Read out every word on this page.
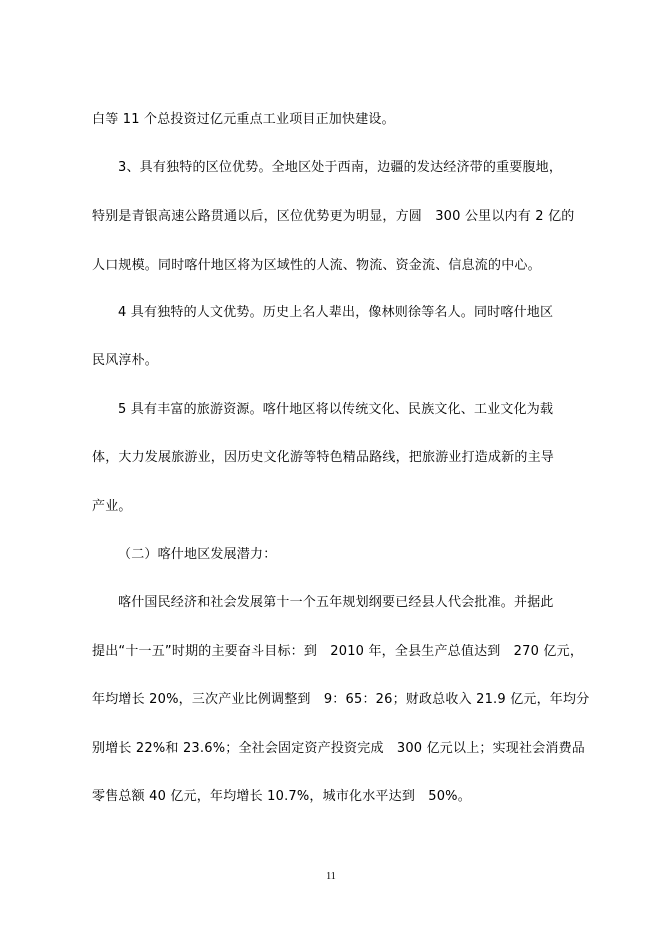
白等 11 个总投资过亿元重点工业项目正加快建设。
3、具有独特的区位优势。全地区处于西南，边疆的发达经济带的重要腹地，
特别是青银高速公路贯通以后，区位优势更为明显，方圆　300 公里以内有 2 亿的
人口规模。同时喀什地区将为区域性的人流、物流、资金流、信息流的中心。
4 具有独特的人文优势。历史上名人辈出，像林则徐等名人。同时喀什地区
民风淳朴。
5 具有丰富的旅游资源。喀什地区将以传统文化、民族文化、工业文化为载
体，大力发展旅游业，因历史文化游等特色精品路线，把旅游业打造成新的主导
产业。
（二）喀什地区发展潜力：
喀什国民经济和社会发展第十一个五年规划纲要已经县人代会批准。并据此
提出“十一五”时期的主要奋斗目标：到　2010 年，全县生产总值达到　270 亿元，
年均增长 20%，三次产业比例调整到　9：65：26；财政总收入 21.9 亿元，年均分
别增长 22%和 23.6%；全社会固定资产投资完成　300 亿元以上；实现社会消费品
零售总额 40 亿元，年均增长 10.7%，城市化水平达到　50%。
11
